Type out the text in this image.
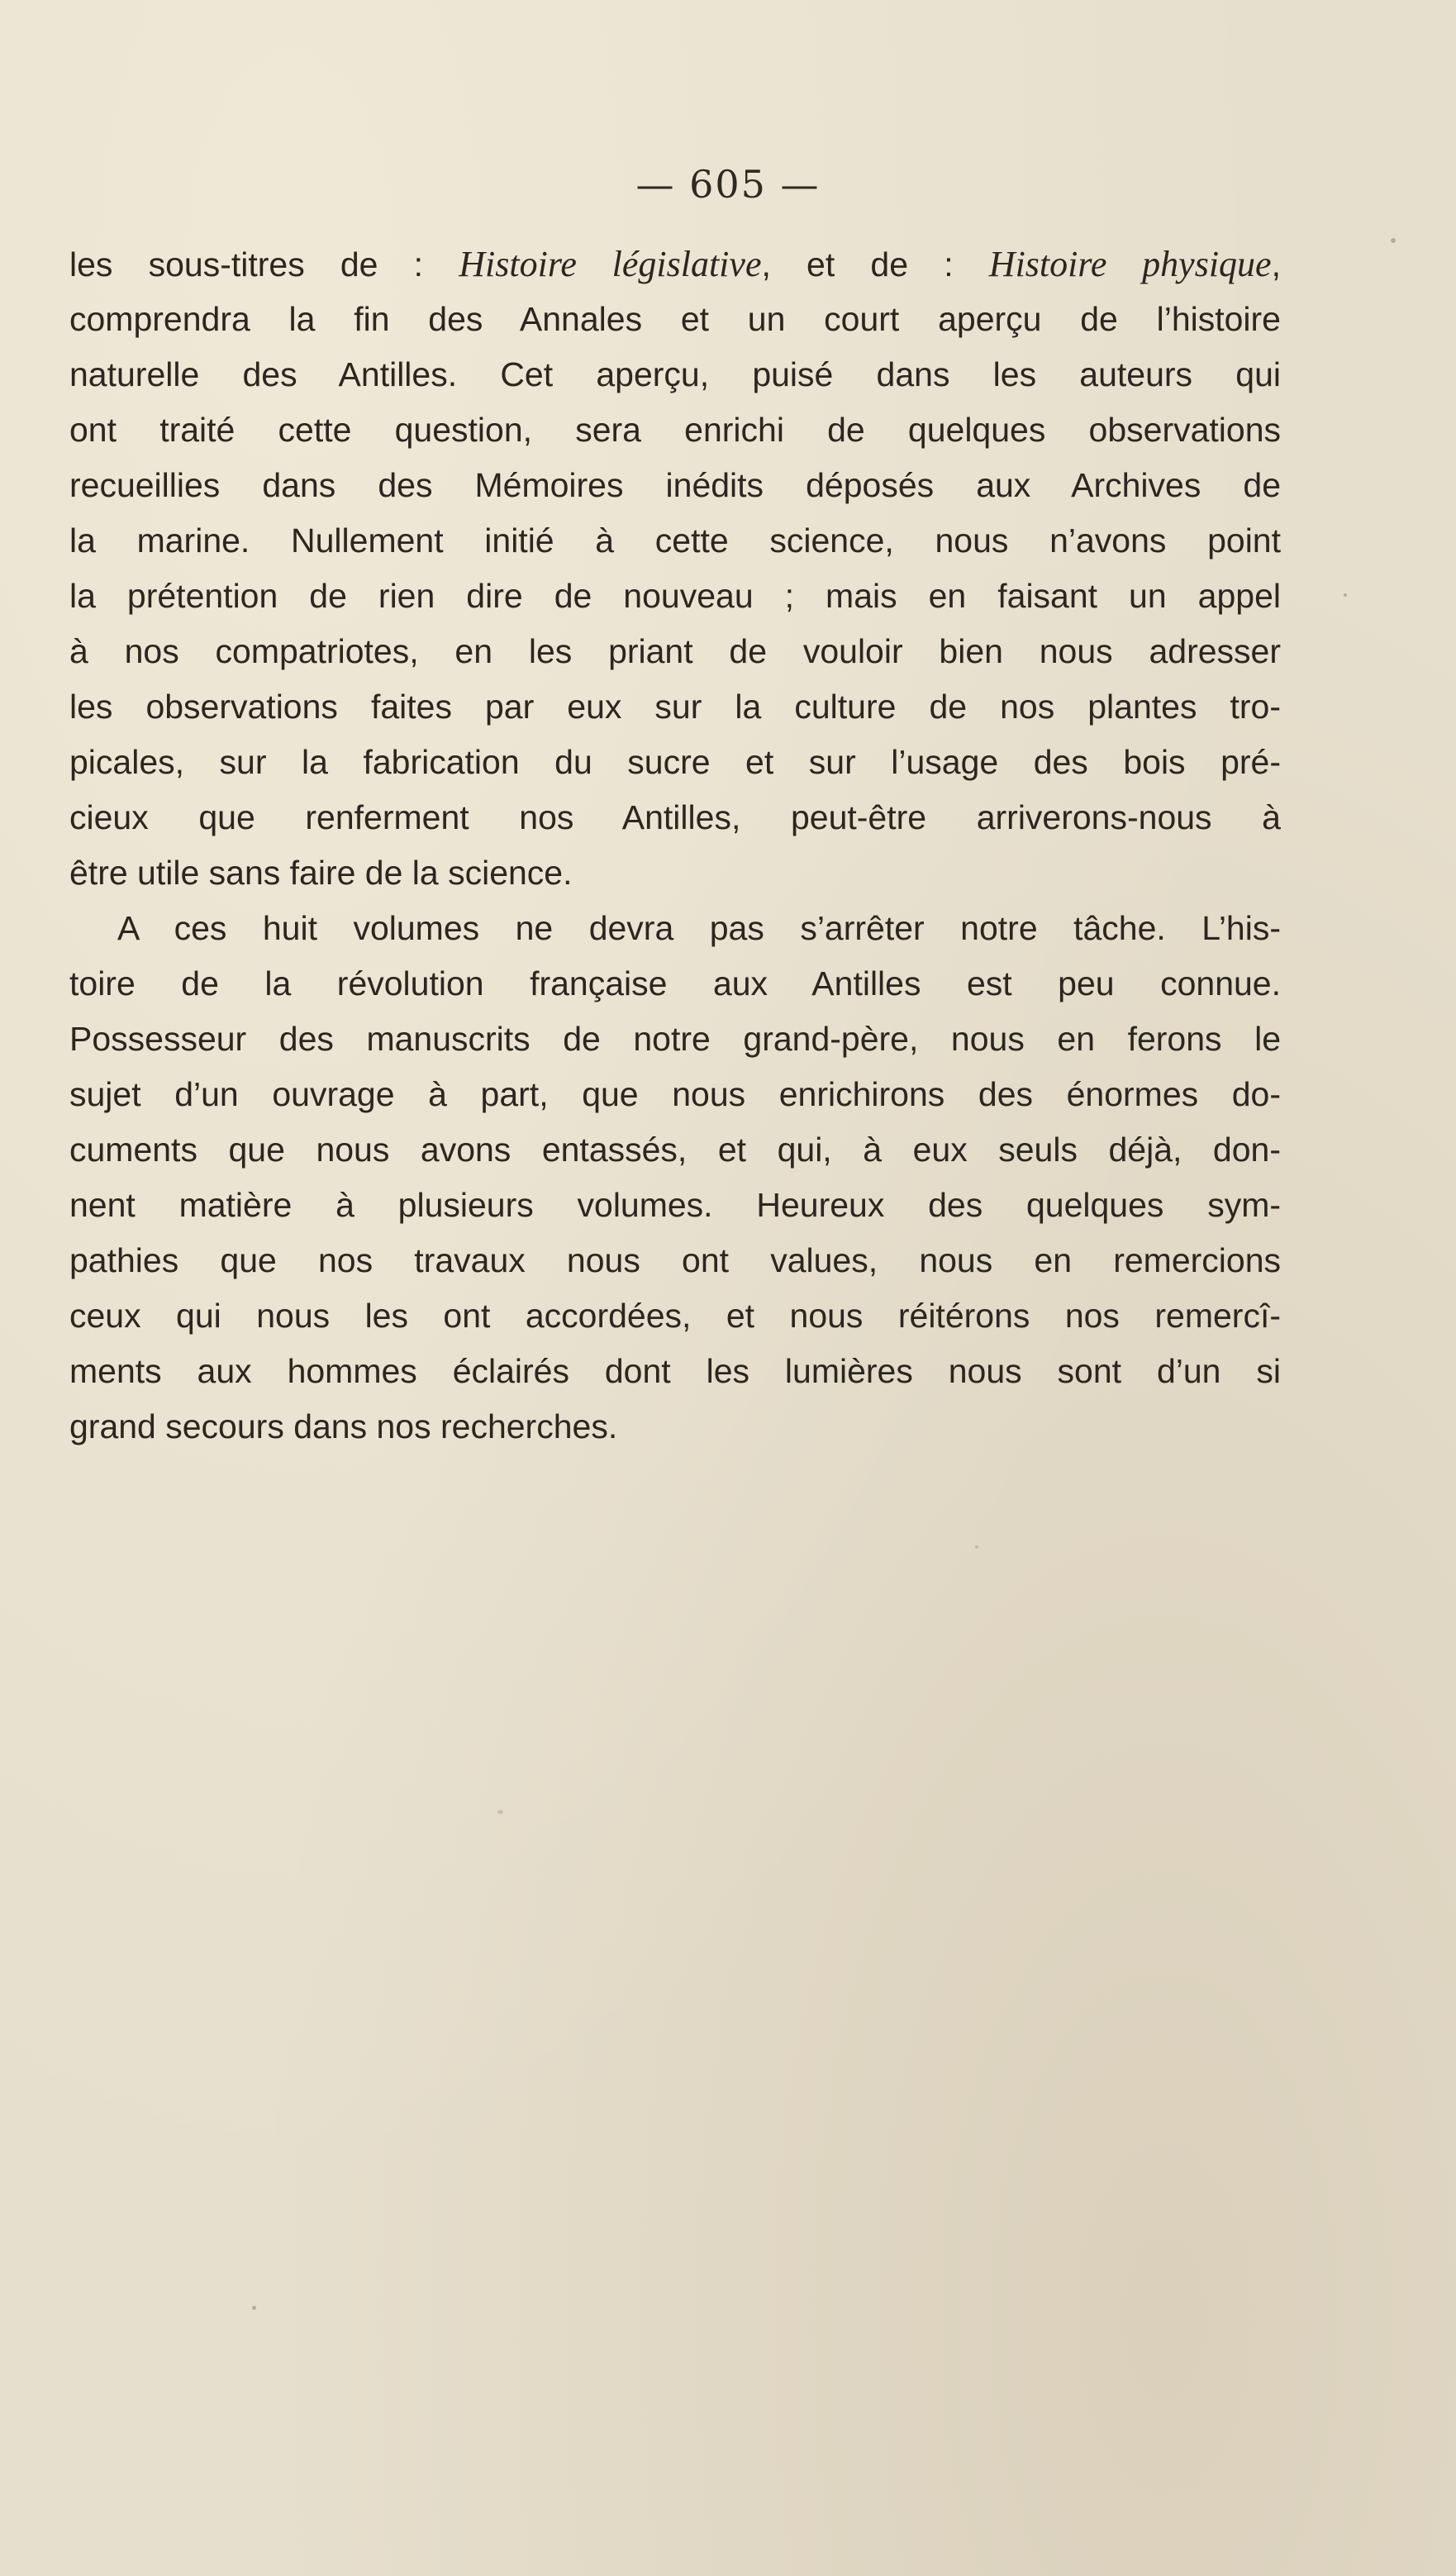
— 605 —
les sous-titres de : Histoire législative, et de : Histoire physique,
comprendra la fin des Annales et un court aperçu de l’histoire
naturelle des Antilles. Cet aperçu, puisé dans les auteurs qui
ont traité cette question, sera enrichi de quelques observations
recueillies dans des Mémoires inédits déposés aux Archives de
la marine. Nullement initié à cette science, nous n’avons point
la prétention de rien dire de nouveau ; mais en faisant un appel
à nos compatriotes, en les priant de vouloir bien nous adresser
les observations faites par eux sur la culture de nos plantes tro-
picales, sur la fabrication du sucre et sur l’usage des bois pré-
cieux que renferment nos Antilles, peut-être arriverons-nous à
être utile sans faire de la science.
A ces huit volumes ne devra pas s’arrêter notre tâche. L’his-
toire de la révolution française aux Antilles est peu connue.
Possesseur des manuscrits de notre grand-père, nous en ferons le
sujet d’un ouvrage à part, que nous enrichirons des énormes do-
cuments que nous avons entassés, et qui, à eux seuls déjà, don-
nent matière à plusieurs volumes. Heureux des quelques sym-
pathies que nos travaux nous ont values, nous en remercions
ceux qui nous les ont accordées, et nous réitérons nos remercî-
ments aux hommes éclairés dont les lumières nous sont d’un si
grand secours dans nos recherches.
